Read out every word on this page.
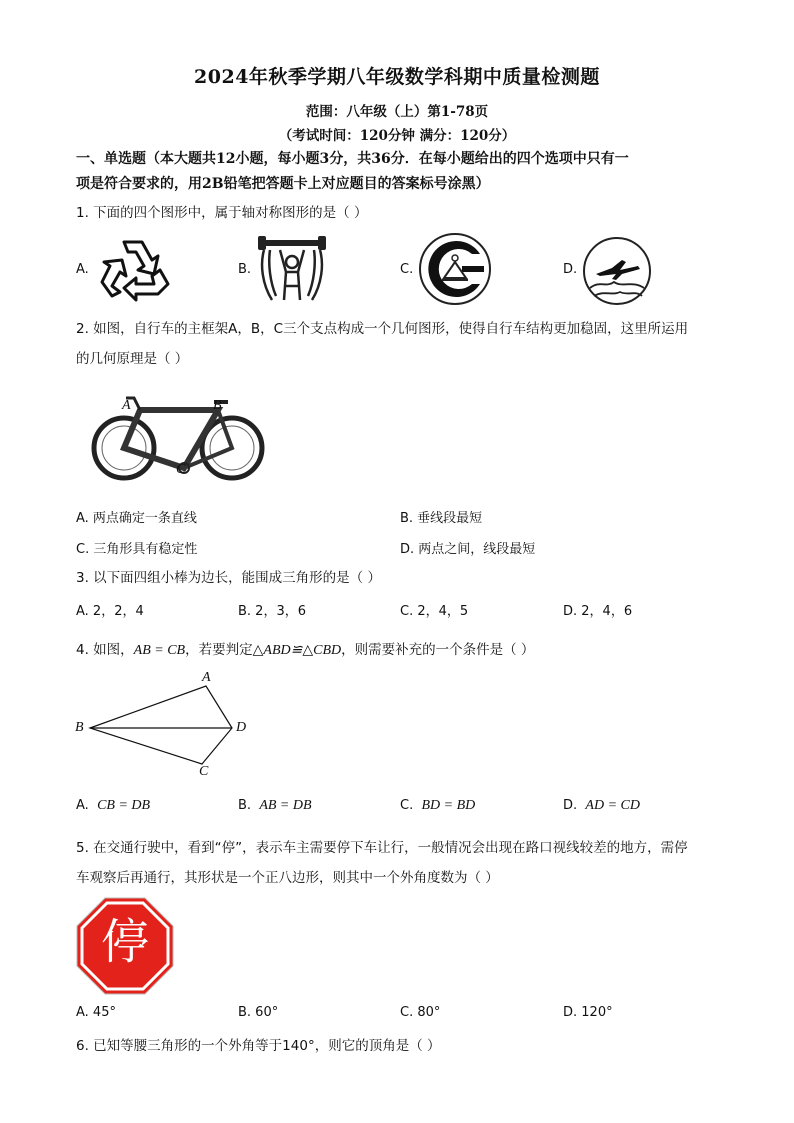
2024年秋季学期八年级数学科期中质量检测题
范围：八年级（上）第1-78页
（考试时间：120分钟 满分：120分）
一、单选题（本大题共12小题，每小题3分，共36分．在每小题给出的四个选项中只有一
项是符合要求的，用2B铅笔把答题卡上对应题目的答案标号涂黑）
1. 下面的四个图形中，属于轴对称图形的是（ ）
A.	B.	C.	D.
2. 如图，自行车的主框架A，B，C三个支点构成一个几何图形，使得自行车结构更加稳固，这里所运用
的几何原理是（ ）
A	B
C
A. 两点确定一条直线	B. 垂线段最短
C. 三角形具有稳定性	D. 两点之间，线段最短
3. 以下面四组小棒为边长，能围成三角形的是（ ）
A. 2，2，4	B. 2，3，6	C. 2，4，5	D. 2，4，6
4. 如图，AB = CB，若要判定△ABD≌△CBD，则需要补充的一个条件是（ ）
A
B
C
D
A. CB = DB	B. AB = DB	C. BD = BD	D. AD = CD
5. 在交通行驶中，看到“停”，表示车主需要停下车让行，一般情况会出现在路口视线较差的地方，需停
车观察后再通行，其形状是一个正八边形，则其中一个外角度数为（ ）
停
A. 45°	B. 60°	C. 80°	D. 120°
6. 已知等腰三角形的一个外角等于140°，则它的顶角是（ ）
